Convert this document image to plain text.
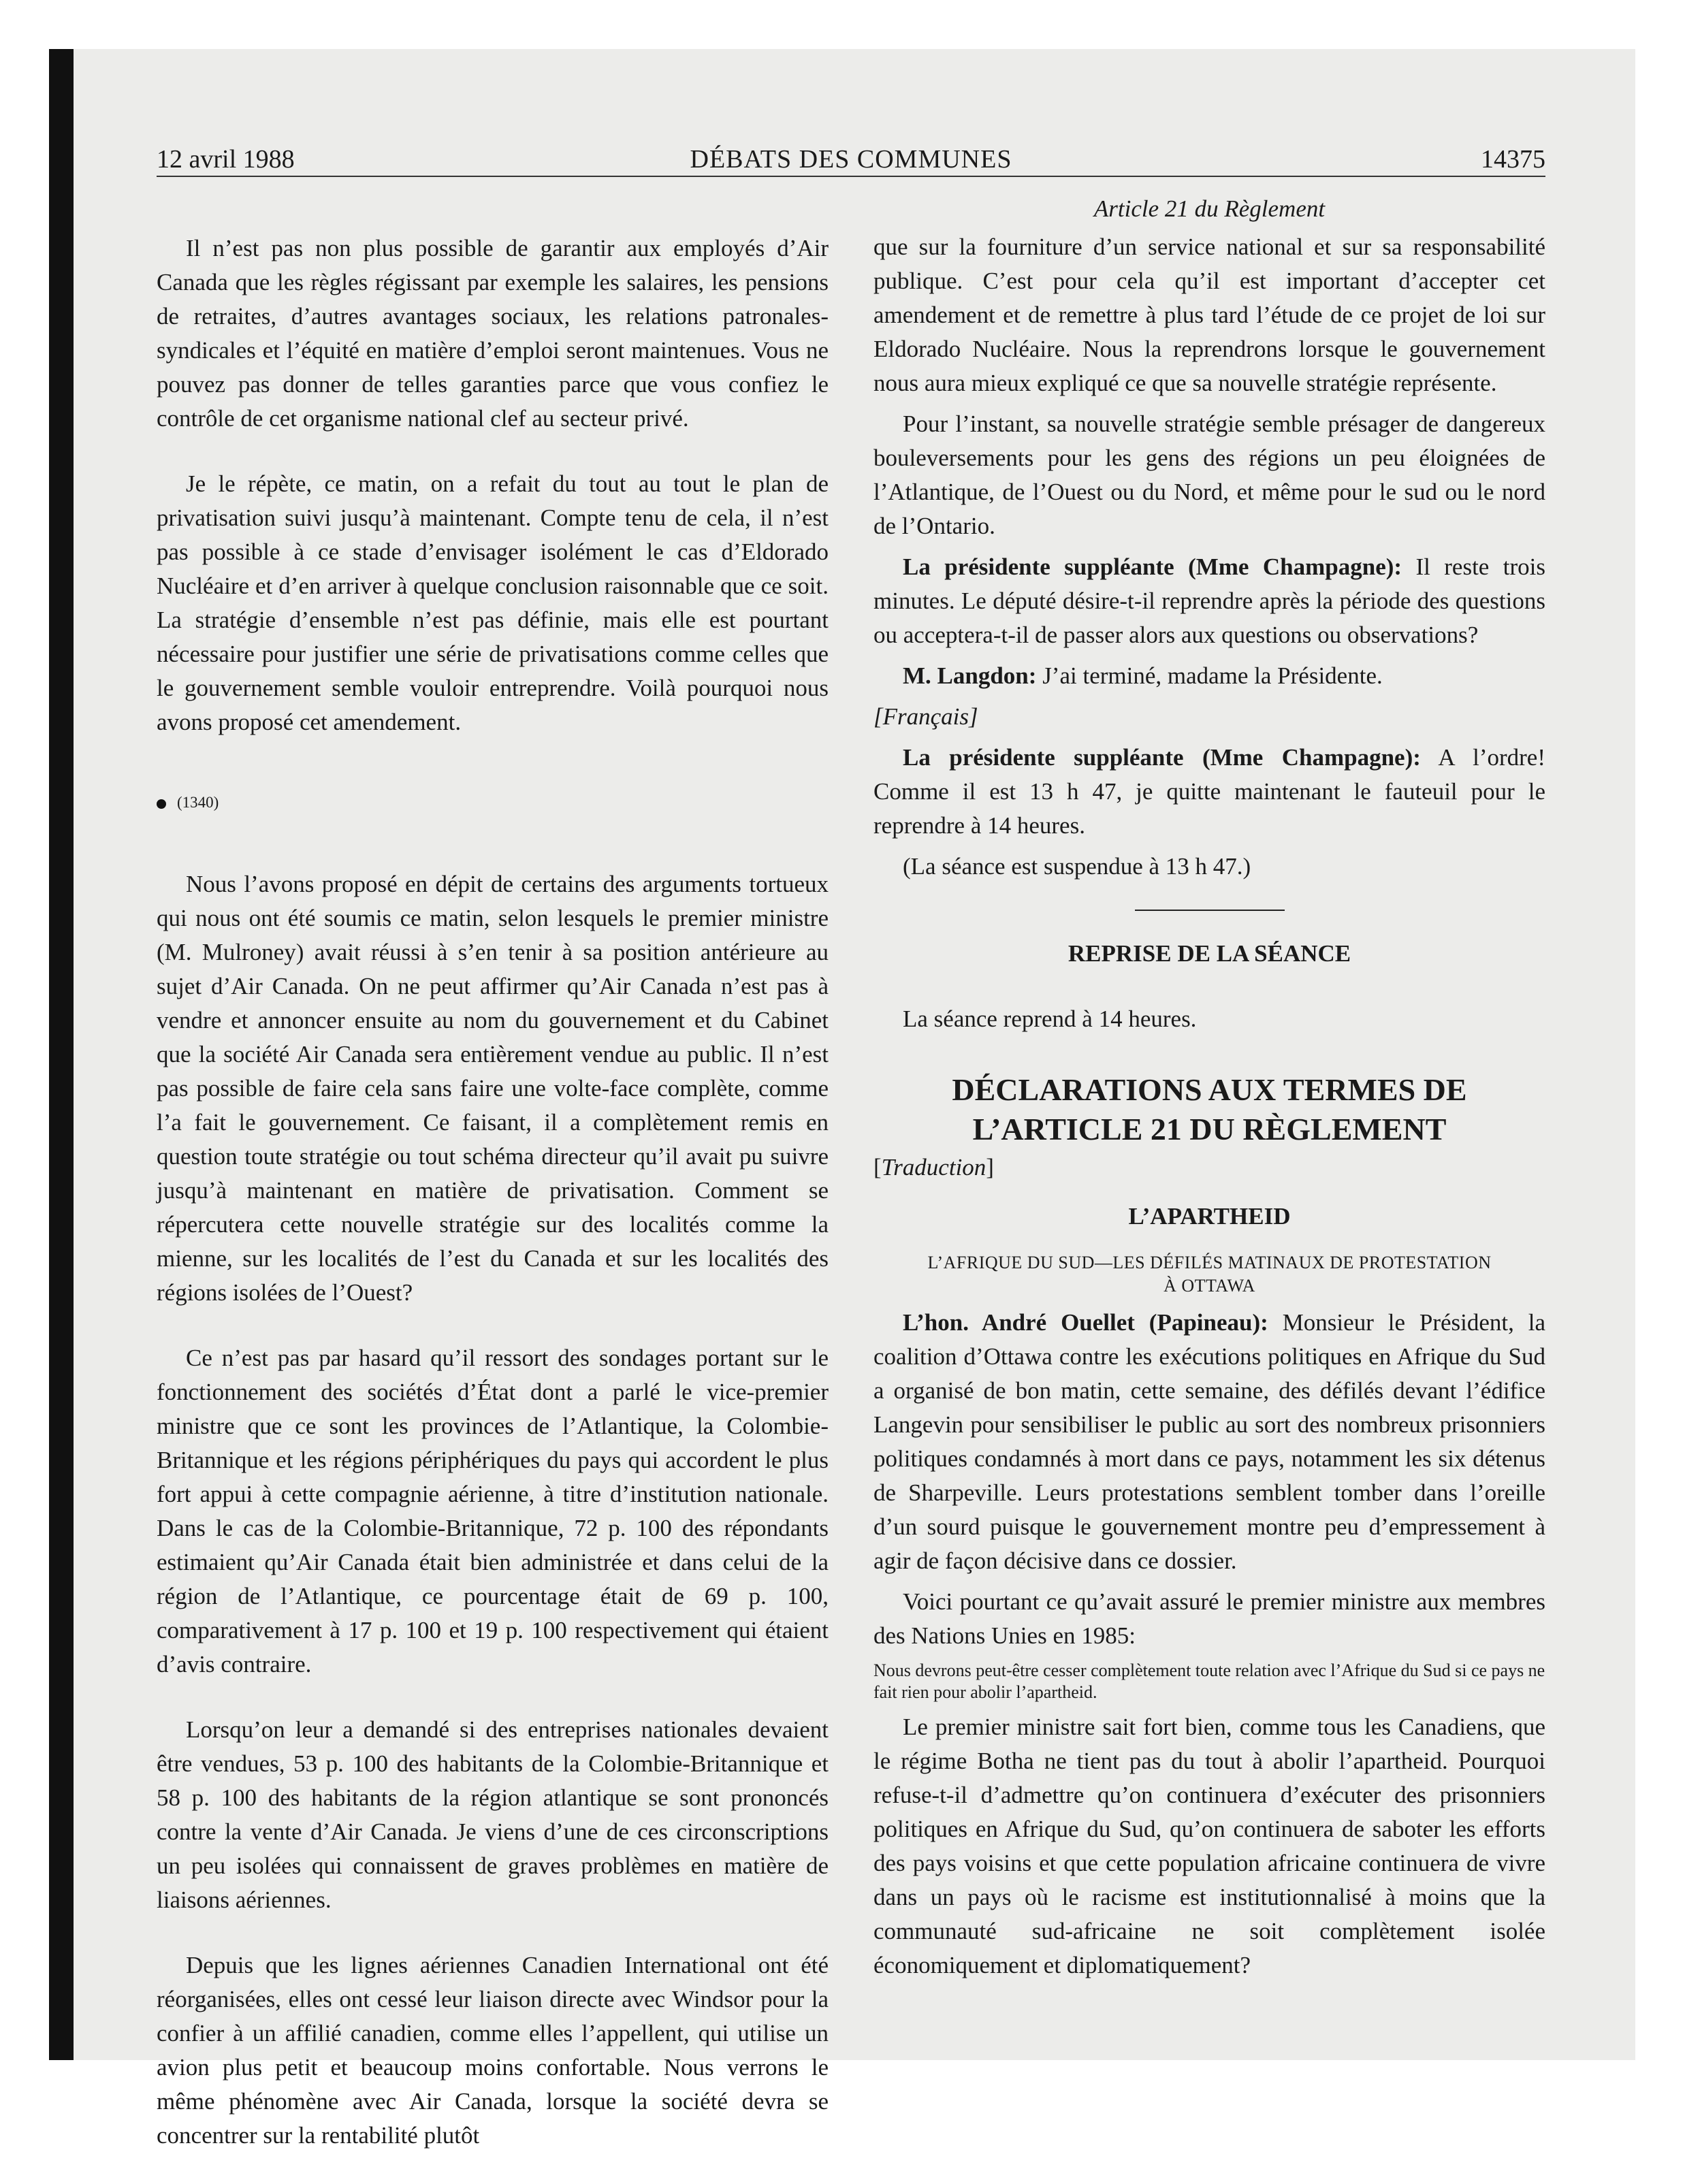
12 avril 1988	DÉBATS DES COMMUNES	14375
Article 21 du Règlement

Il n’est pas non plus possible de garantir aux employés d’Air Canada que les règles régissant par exemple les salaires, les pensions de retraites, d’autres avantages sociaux, les relations patronales-syndicales et l’équité en matière d’emploi seront maintenues. Vous ne pouvez pas donner de telles garanties parce que vous confiez le contrôle de cet organisme national clef au secteur privé.

Je le répète, ce matin, on a refait du tout au tout le plan de privatisation suivi jusqu’à maintenant. Compte tenu de cela, il n’est pas possible à ce stade d’envisager isolément le cas d’Eldorado Nucléaire et d’en arriver à quelque conclusion raisonnable que ce soit. La stratégie d’ensemble n’est pas définie, mais elle est pourtant nécessaire pour justifier une série de privatisations comme celles que le gouvernement semble vouloir entreprendre. Voilà pourquoi nous avons proposé cet amendement.

(1340)

Nous l’avons proposé en dépit de certains des arguments tortueux qui nous ont été soumis ce matin, selon lesquels le premier ministre (M. Mulroney) avait réussi à s’en tenir à sa position antérieure au sujet d’Air Canada. On ne peut affirmer qu’Air Canada n’est pas à vendre et annoncer ensuite au nom du gouvernement et du Cabinet que la société Air Canada sera entièrement vendue au public. Il n’est pas possible de faire cela sans faire une volte-face complète, comme l’a fait le gouvernement. Ce faisant, il a complètement remis en question toute stratégie ou tout schéma directeur qu’il avait pu suivre jusqu’à maintenant en matière de privatisation. Comment se répercutera cette nouvelle stratégie sur des localités comme la mienne, sur les localités de l’est du Canada et sur les localités des régions isolées de l’Ouest?

Ce n’est pas par hasard qu’il ressort des sondages portant sur le fonctionnement des sociétés d’État dont a parlé le vice-premier ministre que ce sont les provinces de l’Atlantique, la Colombie-Britannique et les régions périphériques du pays qui accordent le plus fort appui à cette compagnie aérienne, à titre d’institution nationale. Dans le cas de la Colombie-Britannique, 72 p. 100 des répondants estimaient qu’Air Canada était bien administrée et dans celui de la région de l’Atlantique, ce pourcentage était de 69 p. 100, comparativement à 17 p. 100 et 19 p. 100 respectivement qui étaient d’avis contraire.

Lorsqu’on leur a demandé si des entreprises nationales devaient être vendues, 53 p. 100 des habitants de la Colombie-Britannique et 58 p. 100 des habitants de la région atlantique se sont prononcés contre la vente d’Air Canada. Je viens d’une de ces circonscriptions un peu isolées qui connaissent de graves problèmes en matière de liaisons aériennes.

Depuis que les lignes aériennes Canadien International ont été réorganisées, elles ont cessé leur liaison directe avec Windsor pour la confier à un affilié canadien, comme elles l’appellent, qui utilise un avion plus petit et beaucoup moins confortable. Nous verrons le même phénomène avec Air Canada, lorsque la société devra se concentrer sur la rentabilité plutôt

que sur la fourniture d’un service national et sur sa responsabilité publique. C’est pour cela qu’il est important d’accepter cet amendement et de remettre à plus tard l’étude de ce projet de loi sur Eldorado Nucléaire. Nous la reprendrons lorsque le gouvernement nous aura mieux expliqué ce que sa nouvelle stratégie représente.

Pour l’instant, sa nouvelle stratégie semble présager de dangereux bouleversements pour les gens des régions un peu éloignées de l’Atlantique, de l’Ouest ou du Nord, et même pour le sud ou le nord de l’Ontario.

La présidente suppléante (Mme Champagne): Il reste trois minutes. Le député désire-t-il reprendre après la période des questions ou acceptera-t-il de passer alors aux questions ou observations?

M. Langdon: J’ai terminé, madame la Présidente.

[Français]

La présidente suppléante (Mme Champagne): A l’ordre! Comme il est 13 h 47, je quitte maintenant le fauteuil pour le reprendre à 14 heures.

(La séance est suspendue à 13 h 47.)

REPRISE DE LA SÉANCE

La séance reprend à 14 heures.

DÉCLARATIONS AUX TERMES DE
L’ARTICLE 21 DU RÈGLEMENT

[Traduction]

L’APARTHEID
L’AFRIQUE DU SUD—LES DÉFILÉS MATINAUX DE PROTESTATION
À OTTAWA

L’hon. André Ouellet (Papineau): Monsieur le Président, la coalition d’Ottawa contre les exécutions politiques en Afrique du Sud a organisé de bon matin, cette semaine, des défilés devant l’édifice Langevin pour sensibiliser le public au sort des nombreux prisonniers politiques condamnés à mort dans ce pays, notamment les six détenus de Sharpeville. Leurs protestations semblent tomber dans l’oreille d’un sourd puisque le gouvernement montre peu d’empressement à agir de façon décisive dans ce dossier.

Voici pourtant ce qu’avait assuré le premier ministre aux membres des Nations Unies en 1985:

Nous devrons peut-être cesser complètement toute relation avec l’Afrique du Sud si ce pays ne fait rien pour abolir l’apartheid.

Le premier ministre sait fort bien, comme tous les Canadiens, que le régime Botha ne tient pas du tout à abolir l’apartheid. Pourquoi refuse-t-il d’admettre qu’on continuera d’exécuter des prisonniers politiques en Afrique du Sud, qu’on continuera de saboter les efforts des pays voisins et que cette population africaine continuera de vivre dans un pays où le racisme est institutionnalisé à moins que la communauté sud-africaine ne soit complètement isolée économiquement et diplomatiquement?
